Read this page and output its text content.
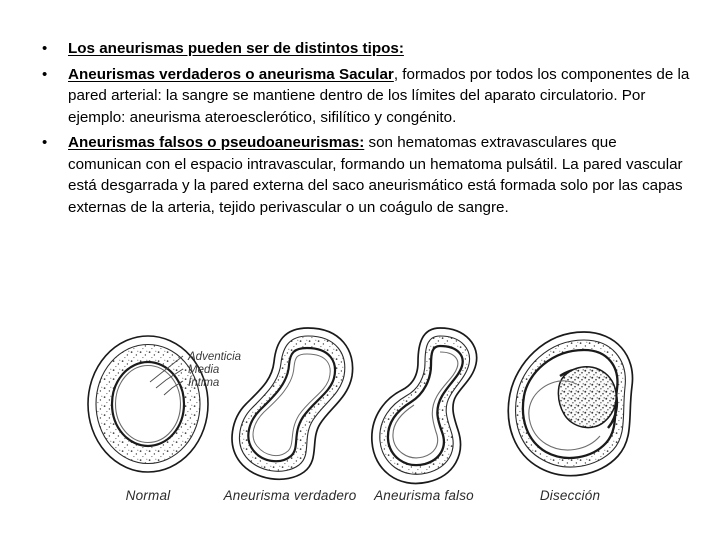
• Los aneurismas pueden ser de distintos tipos:
• Aneurismas verdaderos o aneurisma Sacular, formados por todos los componentes de la pared arterial: la sangre se mantiene dentro de los límites del aparato circulatorio. Por ejemplo: aneurisma ateroesclerótico, sifilítico y congénito.
• Aneurismas falsos o pseudoaneurismas: son hematomas extravasculares que comunican con el espacio intravascular, formando un hematoma pulsátil. La pared vascular está desgarrada y la pared externa del saco aneurismático está formada solo por las capas externas de la arteria, tejido perivascular o un coágulo de sangre.
Adventicia
Media
Íntima
Normal	Aneurisma verdadero Aneurisma falso	Disección
